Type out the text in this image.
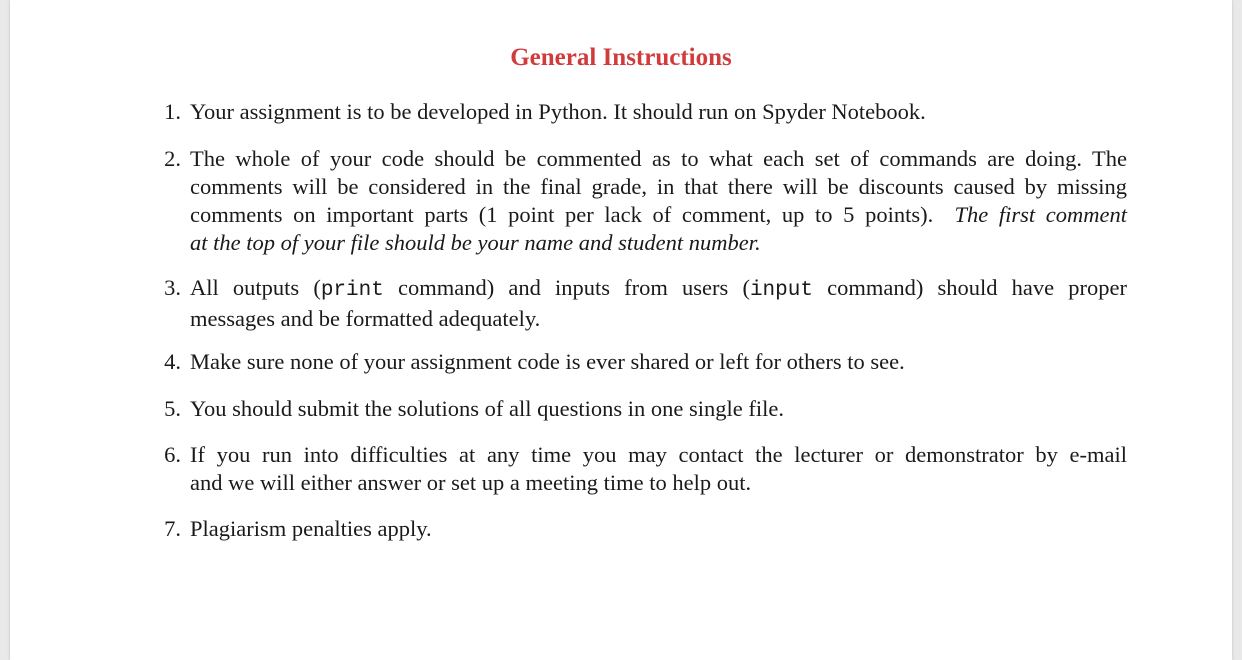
General Instructions
1. Your assignment is to be developed in Python. It should run on Spyder Notebook.
2. The whole of your code should be commented as to what each set of commands are doing. The
comments will be considered in the final grade, in that there will be discounts caused by missing
comments on important parts (1 point per lack of comment, up to 5 points). The first comment
at the top of your file should be your name and student number.
3. All outputs (print command) and inputs from users (input command) should have proper
messages and be formatted adequately.
4. Make sure none of your assignment code is ever shared or left for others to see.
5. You should submit the solutions of all questions in one single file.
6. If you run into difficulties at any time you may contact the lecturer or demonstrator by e-mail
and we will either answer or set up a meeting time to help out.
7. Plagiarism penalties apply.
